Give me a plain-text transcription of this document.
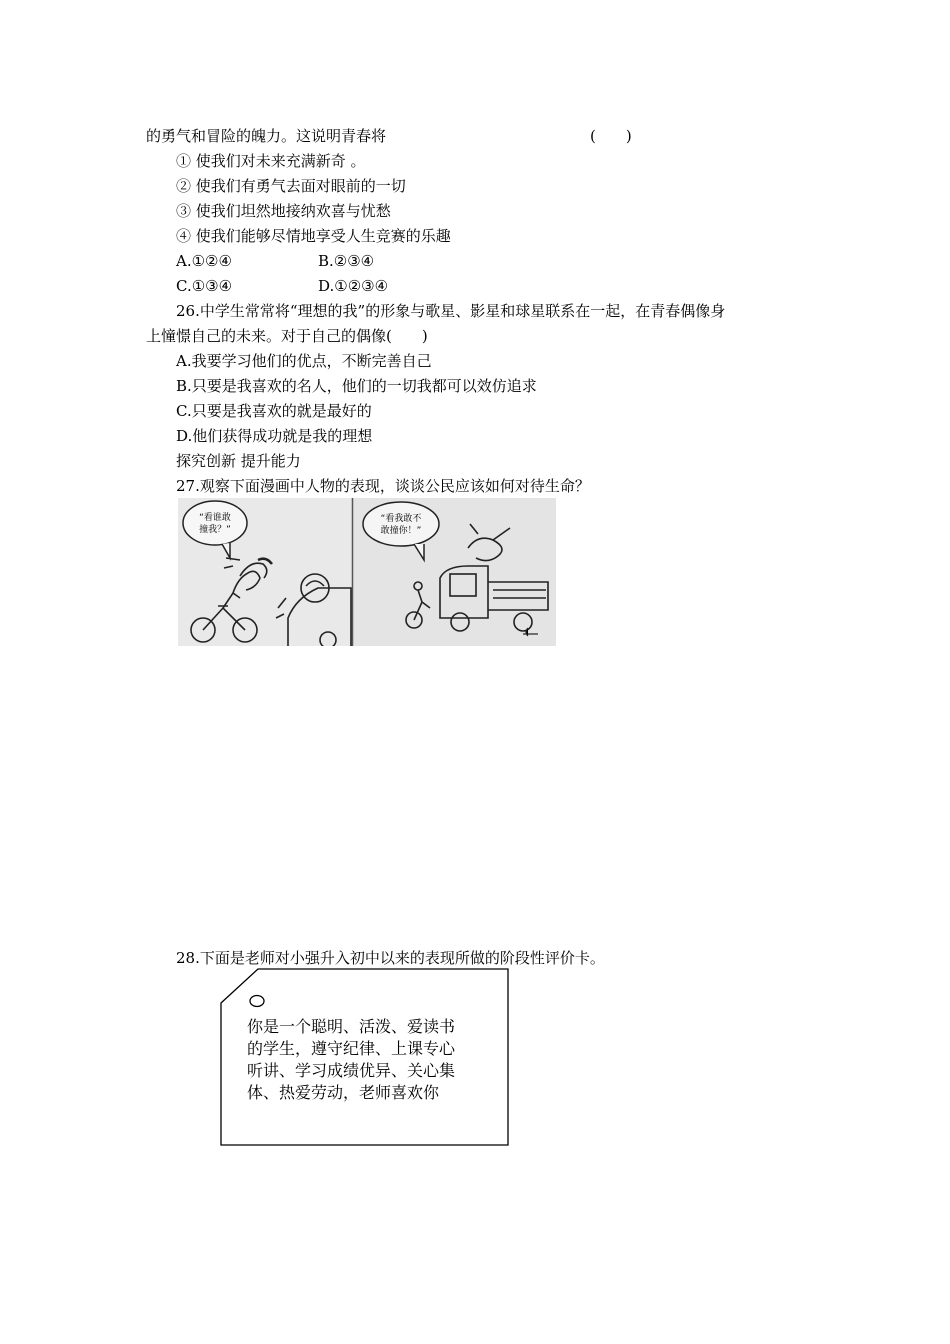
的勇气和冒险的魄力。这说明青春将	(　　)
① 使我们对未来充满新奇 。
② 使我们有勇气去面对眼前的一切
③ 使我们坦然地接纳欢喜与忧愁
④ 使我们能够尽情地享受人生竞赛的乐趣
A.①②④	B.②③④
C.①③④	D.①②③④
26.中学生常常将“理想的我”的形象与歌星、影星和球星联系在一起，在青春偶像身
上憧憬自己的未来。对于自己的偶像(　　)
A.我要学习他们的优点，不断完善自己
B.只要是我喜欢的名人，他们的一切我都可以效仿追求
C.只要是我喜欢的就是最好的
D.他们获得成功就是我的理想
探究创新 提升能力
27.观察下面漫画中人物的表现，谈谈公民应该如何对待生命？
“看谁敢
撞我？”
“看我敢不
敢撞你！”
28.下面是老师对小强升入初中以来的表现所做的阶段性评价卡。
你是一个聪明、活泼、爱读书
的学生，遵守纪律、上课专心
听讲、学习成绩优异、关心集
体、热爱劳动，老师喜欢你
